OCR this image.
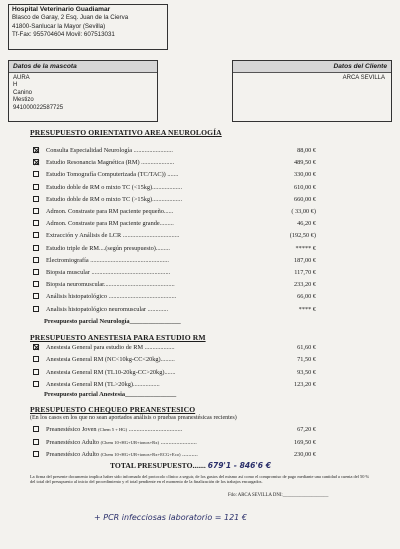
Hospital Veterinario Guadiamar
Blasco de Garay, 2 Esq. Juan de la Cierva
41800-Sanlucar la Mayor (Sevilla)
Tf-Fax: 955704604 Movil: 607513031
Datos de la mascota
AURA
H
Canino
Mestizo
941000022587725
Datos del Cliente
ARCA SEVILLA
PRESUPUESTO ORIENTATIVO AREA NEUROLOGÍA
Consulta Especialidad Neurología .........................	88,00 €
Estudio Resonancia Magnética (RM) .....................	489,50 €
Estudio Tomografía Computerizada (TC/TAC)) .......	330,00 €
Estudio doble de RM o mixto TC (<15kg)...................	610,00 €
Estudio doble de RM o mixto TC (>15kg)...................	660,00 €
Admon. Constraste para RM paciente pequeño......	( 33,00 €)
Admon. Constraste para RM paciente grande.........	46,20 €
Extracción y Análisis de LCR ....................................	(192,50 €)
Estudio triple de RM....(según presupuesto).........	***** €
Electromiografía ..................................................	187,00 €
Biopsia muscular ..................................................	117,70 €
Biopsia neuromuscular.............................................	233,20 €
Análisis histopatológico ...........................................	66,00 €
Analisis histopatológico neuromuscular .............	**** €
Presupuesto parcial Neurología________________
PRESUPUESTO ANESTESIA PARA ESTUDIO RM
Anestesia General para estudio de RM ...................	61,60 €
Anestesia General RM (NC<10kg-CC<20kg).........	71,50 €
Anestesia General RM (TL10-20kg-CC>20kg).......	93,50 €
Anestesia General RM (TL>20kg).................	123,20 €
Presupuesto parcial Anestesia________________
PRESUPUESTO CHEQUEO PREANESTESICO
(En los casos en los que no sean aportados análisis o pruebas preanestésicas recientes)
Preanestésico Joven (Chem 5 + HG) ..................................	67,20 €
Preanestésico Adulto (Chem 10+HG+UR+ionos+Rx) .......................	169,50 €
Preanestésico Adulto (Chem 10+HG+UR+ionos+Rx+ECG+Eco) ..........	230,00 €
TOTAL PRESUPUESTO....... 679'1 - 846'6 €
La firma del presente documento implica haber sido informado del protocolo clínico a seguir, de los gastos del mismo así como el compromiso de pago mediante una cantidad a cuenta del 50 % del total del presupuesto al inicio del procedimiento y el total pendiente en el momento de la finalización de los trabajos encargados.
Fdo: ARCA SEVILLA DNI:___________________
+ PCR infecciosas laboratorio = 121 €
